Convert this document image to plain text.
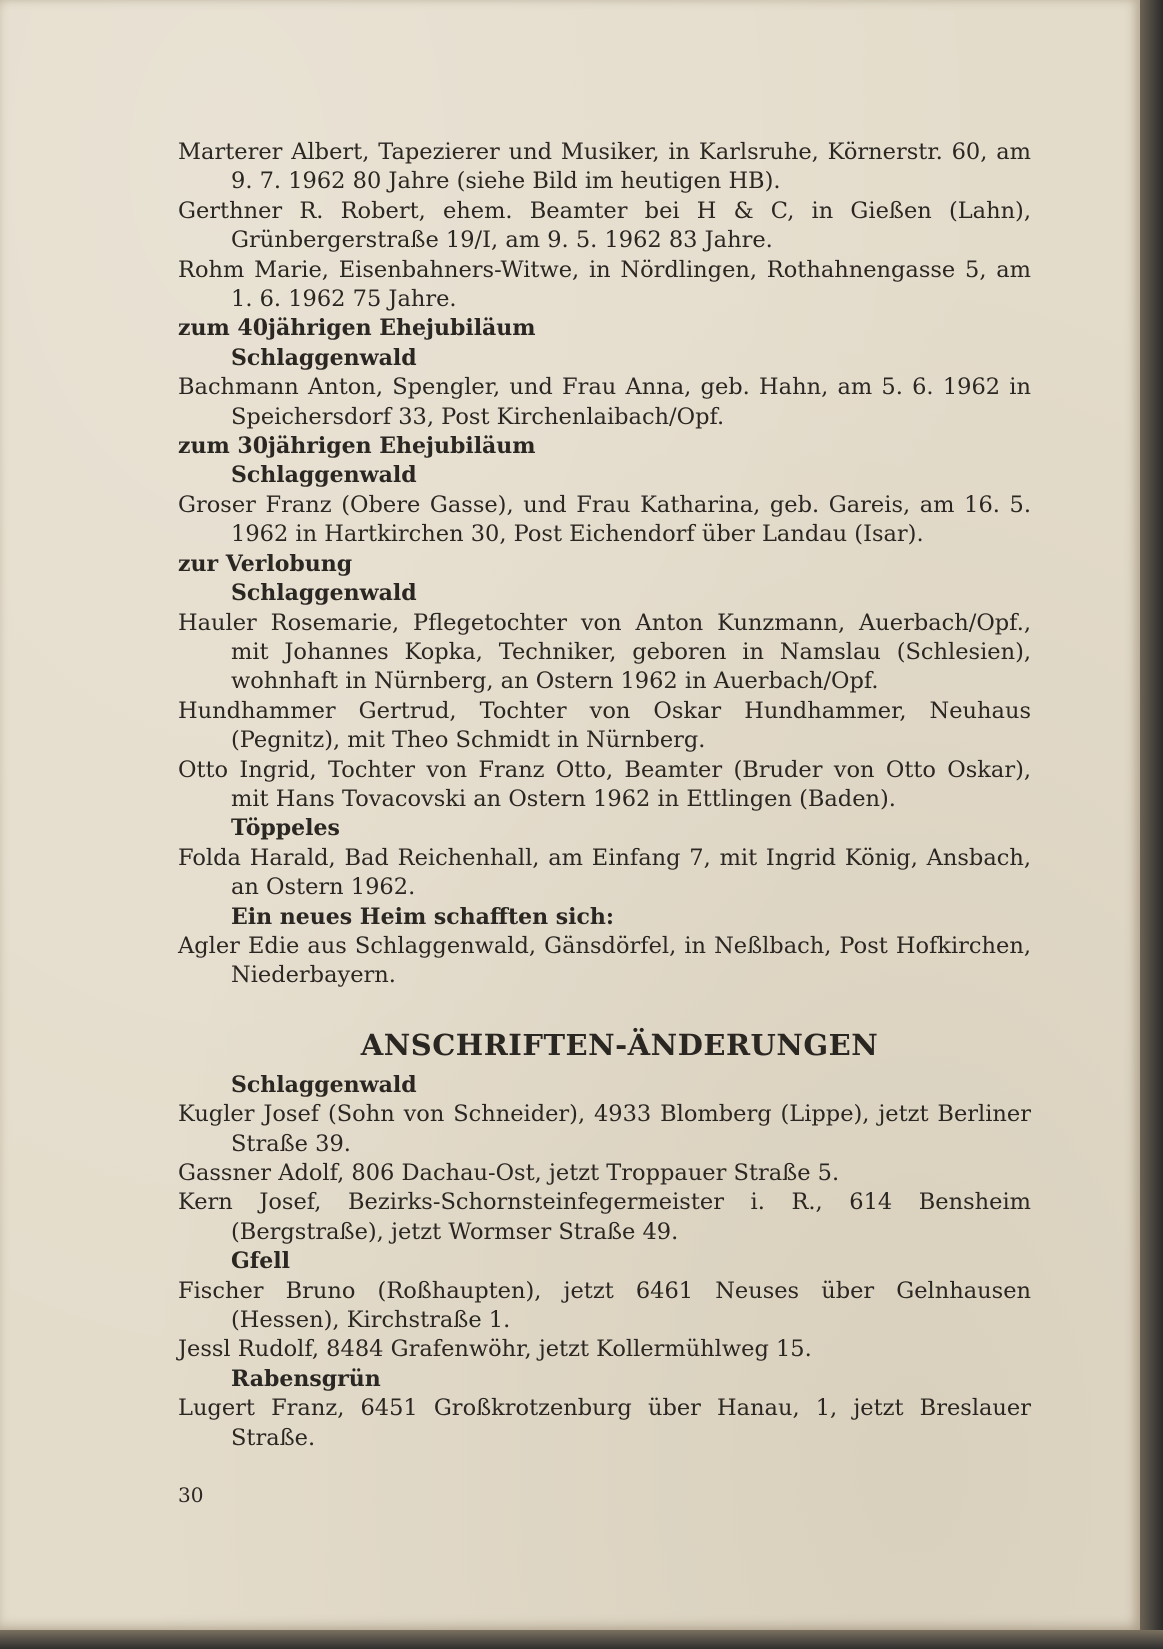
Marterer Albert, Tapezierer und Musiker, in Karlsruhe, Körnerstr. 60, am 9. 7. 1962 80 Jahre (siehe Bild im heutigen HB).

Gerthner R. Robert, ehem. Beamter bei H & C, in Gießen (Lahn), Grünbergerstraße 19/I, am 9. 5. 1962 83 Jahre.

Rohm Marie, Eisenbahners-Witwe, in Nördlingen, Rothahnengasse 5, am 1. 6. 1962 75 Jahre.

zum 40jährigen Ehejubiläum

Schlaggenwald

Bachmann Anton, Spengler, und Frau Anna, geb. Hahn, am 5. 6. 1962 in Speichersdorf 33, Post Kirchenlaibach/Opf.

zum 30jährigen Ehejubiläum

Schlaggenwald

Groser Franz (Obere Gasse), und Frau Katharina, geb. Gareis, am 16. 5. 1962 in Hartkirchen 30, Post Eichendorf über Landau (Isar).

zur Verlobung

Schlaggenwald

Hauler Rosemarie, Pflegetochter von Anton Kunzmann, Auerbach/Opf., mit Johannes Kopka, Techniker, geboren in Namslau (Schlesien), wohnhaft in Nürnberg, an Ostern 1962 in Auerbach/Opf.

Hundhammer Gertrud, Tochter von Oskar Hundhammer, Neuhaus (Pegnitz), mit Theo Schmidt in Nürnberg.

Otto Ingrid, Tochter von Franz Otto, Beamter (Bruder von Otto Oskar), mit Hans Tovacovski an Ostern 1962 in Ettlingen (Baden).

Töppeles

Folda Harald, Bad Reichenhall, am Einfang 7, mit Ingrid König, Ansbach, an Ostern 1962.

Ein neues Heim schafften sich:

Agler Edie aus Schlaggenwald, Gänsdörfel, in Neßlbach, Post Hofkirchen, Niederbayern.

ANSCHRIFTEN-ÄNDERUNGEN

Schlaggenwald

Kugler Josef (Sohn von Schneider), 4933 Blomberg (Lippe), jetzt Berliner Straße 39.

Gassner Adolf, 806 Dachau-Ost, jetzt Troppauer Straße 5.

Kern Josef, Bezirks-Schornsteinfegermeister i. R., 614 Bensheim (Bergstraße), jetzt Wormser Straße 49.

Gfell

Fischer Bruno (Roßhaupten), jetzt 6461 Neuses über Gelnhausen (Hessen), Kirchstraße 1.

Jessl Rudolf, 8484 Grafenwöhr, jetzt Kollermühlweg 15.

Rabensgrün

Lugert Franz, 6451 Großkrotzenburg über Hanau, 1, jetzt Breslauer Straße.

30
